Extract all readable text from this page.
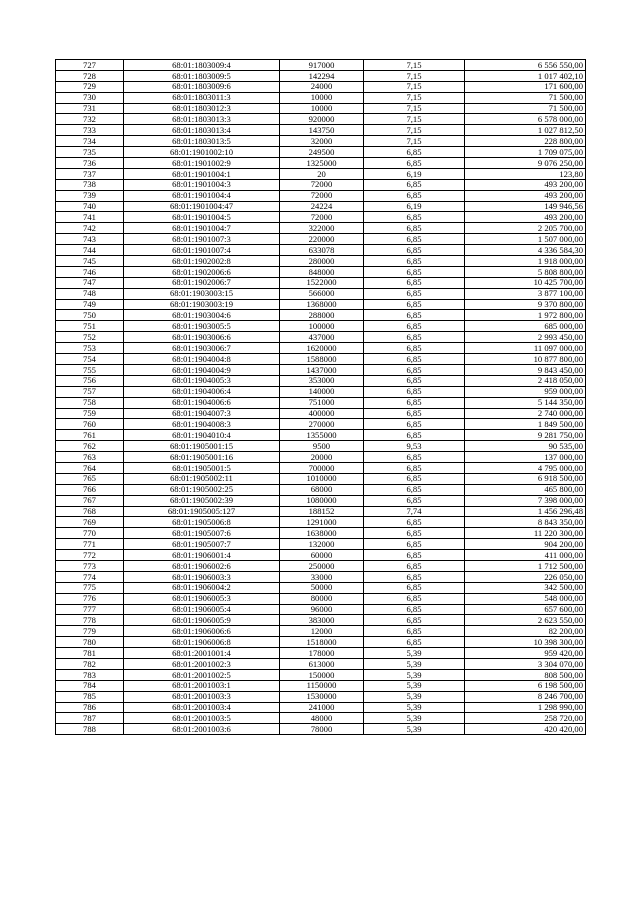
727	68:01:1803009:4	917000	7,15	6 556 550,00
728	68:01:1803009:5	142294	7,15	1 017 402,10
729	68:01:1803009:6	24000	7,15	171 600,00
730	68:01:1803011:3	10000	7,15	71 500,00
731	68:01:1803012:3	10000	7,15	71 500,00
732	68:01:1803013:3	920000	7,15	6 578 000,00
733	68:01:1803013:4	143750	7,15	1 027 812,50
734	68:01:1803013:5	32000	7,15	228 800,00
735	68:01:1901002:10	249500	6,85	1 709 075,00
736	68:01:1901002:9	1325000	6,85	9 076 250,00
737	68:01:1901004:1	20	6,19	123,80
738	68:01:1901004:3	72000	6,85	493 200,00
739	68:01:1901004:4	72000	6,85	493 200,00
740	68:01:1901004:47	24224	6,19	149 946,56
741	68:01:1901004:5	72000	6,85	493 200,00
742	68:01:1901004:7	322000	6,85	2 205 700,00
743	68:01:1901007:3	220000	6,85	1 507 000,00
744	68:01:1901007:4	633078	6,85	4 336 584,30
745	68:01:1902002:8	280000	6,85	1 918 000,00
746	68:01:1902006:6	848000	6,85	5 808 800,00
747	68:01:1902006:7	1522000	6,85	10 425 700,00
748	68:01:1903003:15	566000	6,85	3 877 100,00
749	68:01:1903003:19	1368000	6,85	9 370 800,00
750	68:01:1903004:6	288000	6,85	1 972 800,00
751	68:01:1903005:5	100000	6,85	685 000,00
752	68:01:1903006:6	437000	6,85	2 993 450,00
753	68:01:1903006:7	1620000	6,85	11 097 000,00
754	68:01:1904004:8	1588000	6,85	10 877 800,00
755	68:01:1904004:9	1437000	6,85	9 843 450,00
756	68:01:1904005:3	353000	6,85	2 418 050,00
757	68:01:1904006:4	140000	6,85	959 000,00
758	68:01:1904006:6	751000	6,85	5 144 350,00
759	68:01:1904007:3	400000	6,85	2 740 000,00
760	68:01:1904008:3	270000	6,85	1 849 500,00
761	68:01:1904010:4	1355000	6,85	9 281 750,00
762	68:01:1905001:15	9500	9,53	90 535,00
763	68:01:1905001:16	20000	6,85	137 000,00
764	68:01:1905001:5	700000	6,85	4 795 000,00
765	68:01:1905002:11	1010000	6,85	6 918 500,00
766	68:01:1905002:25	68000	6,85	465 800,00
767	68:01:1905002:39	1080000	6,85	7 398 000,00
768	68:01:1905005:127	188152	7,74	1 456 296,48
769	68:01:1905006:8	1291000	6,85	8 843 350,00
770	68:01:1905007:6	1638000	6,85	11 220 300,00
771	68:01:1905007:7	132000	6,85	904 200,00
772	68:01:1906001:4	60000	6,85	411 000,00
773	68:01:1906002:6	250000	6,85	1 712 500,00
774	68:01:1906003:3	33000	6,85	226 050,00
775	68:01:1906004:2	50000	6,85	342 500,00
776	68:01:1906005:3	80000	6,85	548 000,00
777	68:01:1906005:4	96000	6,85	657 600,00
778	68:01:1906005:9	383000	6,85	2 623 550,00
779	68:01:1906006:6	12000	6,85	82 200,00
780	68:01:1906006:8	1518000	6,85	10 398 300,00
781	68:01:2001001:4	178000	5,39	959 420,00
782	68:01:2001002:3	613000	5,39	3 304 070,00
783	68:01:2001002:5	150000	5,39	808 500,00
784	68:01:2001003:1	1150000	5,39	6 198 500,00
785	68:01:2001003:3	1530000	5,39	8 246 700,00
786	68:01:2001003:4	241000	5,39	1 298 990,00
787	68:01:2001003:5	48000	5,39	258 720,00
788	68:01:2001003:6	78000	5,39	420 420,00
